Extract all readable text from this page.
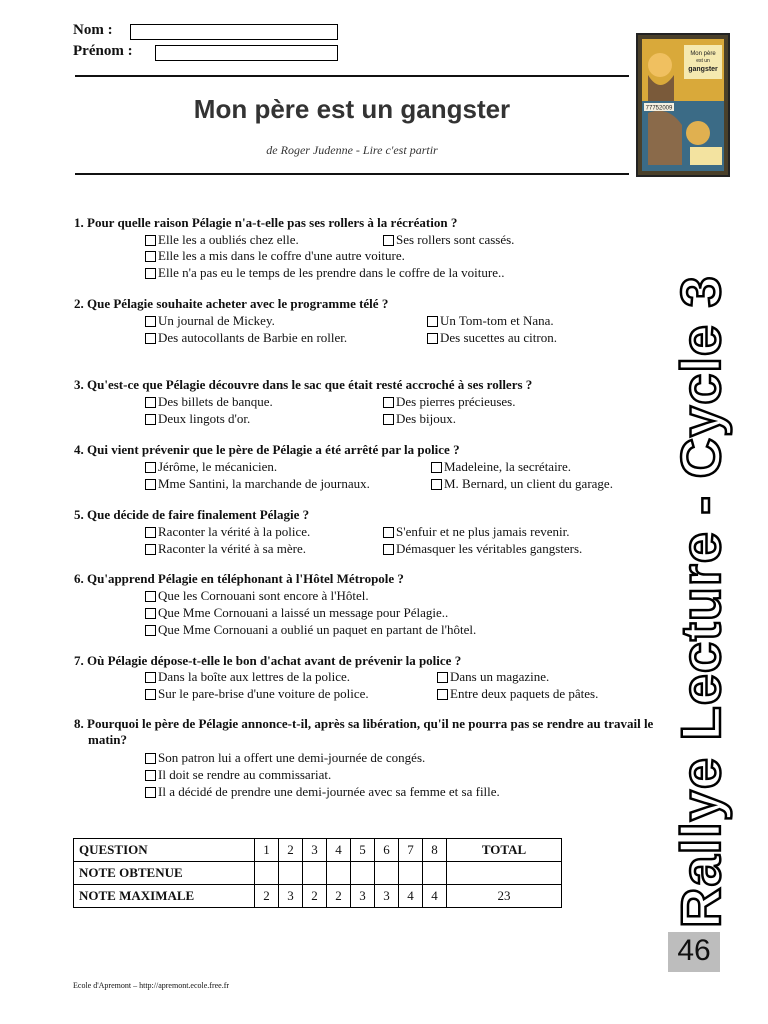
Nom :
Prénom :
Mon père est un gangster
de Roger Judenne - Lire c'est partir
77752009
Mon père
est un
gangster
Rallye Lecture - Cycle 3
46
1. Pour quelle raison Pélagie n'a-t-elle pas ses rollers à la récréation ?
Elle les a oubliés chez elle.	Ses rollers sont cassés.
Elle les a mis dans le coffre d'une autre voiture.
Elle n'a pas eu le temps de les prendre dans le coffre de la voiture..
2. Que Pélagie souhaite acheter avec le programme télé ?
Un journal de Mickey.	Un Tom-tom et Nana.
Des autocollants de Barbie en roller.	Des sucettes au citron.
3. Qu'est-ce que Pélagie découvre dans le sac que était resté accroché à ses rollers ?
Des billets de banque.	Des pierres précieuses.
Deux lingots d'or.	Des bijoux.
4. Qui vient prévenir que le père de Pélagie a été arrêté par la police ?
Jérôme, le mécanicien.	Madeleine, la secrétaire.
Mme Santini, la marchande de journaux.	M. Bernard, un client du garage.
5. Que décide de faire finalement Pélagie ?
Raconter la vérité à la police.	S'enfuir et ne plus jamais revenir.
Raconter la vérité à sa mère.	Démasquer les véritables gangsters.
6. Qu'apprend Pélagie en téléphonant à l'Hôtel Métropole ?
Que les Cornouani sont encore à l'Hôtel.
Que Mme Cornouani a laissé un message pour Pélagie..
Que Mme Cornouani a oublié un paquet en partant de l'hôtel.
7. Où Pélagie dépose-t-elle le bon d'achat avant de prévenir la police ?
Dans la boîte aux lettres de la police.	Dans un magazine.
Sur le pare-brise d'une voiture de police.	Entre deux paquets de pâtes.
8. Pourquoi le père de Pélagie annonce-t-il, après sa libération, qu'il ne pourra pas se rendre au travail le matin?
Son patron lui a offert une demi-journée de congés.
Il doit se rendre au commissariat.
Il a décidé de prendre une demi-journée avec sa femme et sa fille.
QUESTION	1	2	3	4	5	6	7	8	TOTAL
NOTE OBTENUE									
NOTE MAXIMALE	2	3	2	2	3	3	4	4	23
Ecole d'Apremont – http://apremont.ecole.free.fr
